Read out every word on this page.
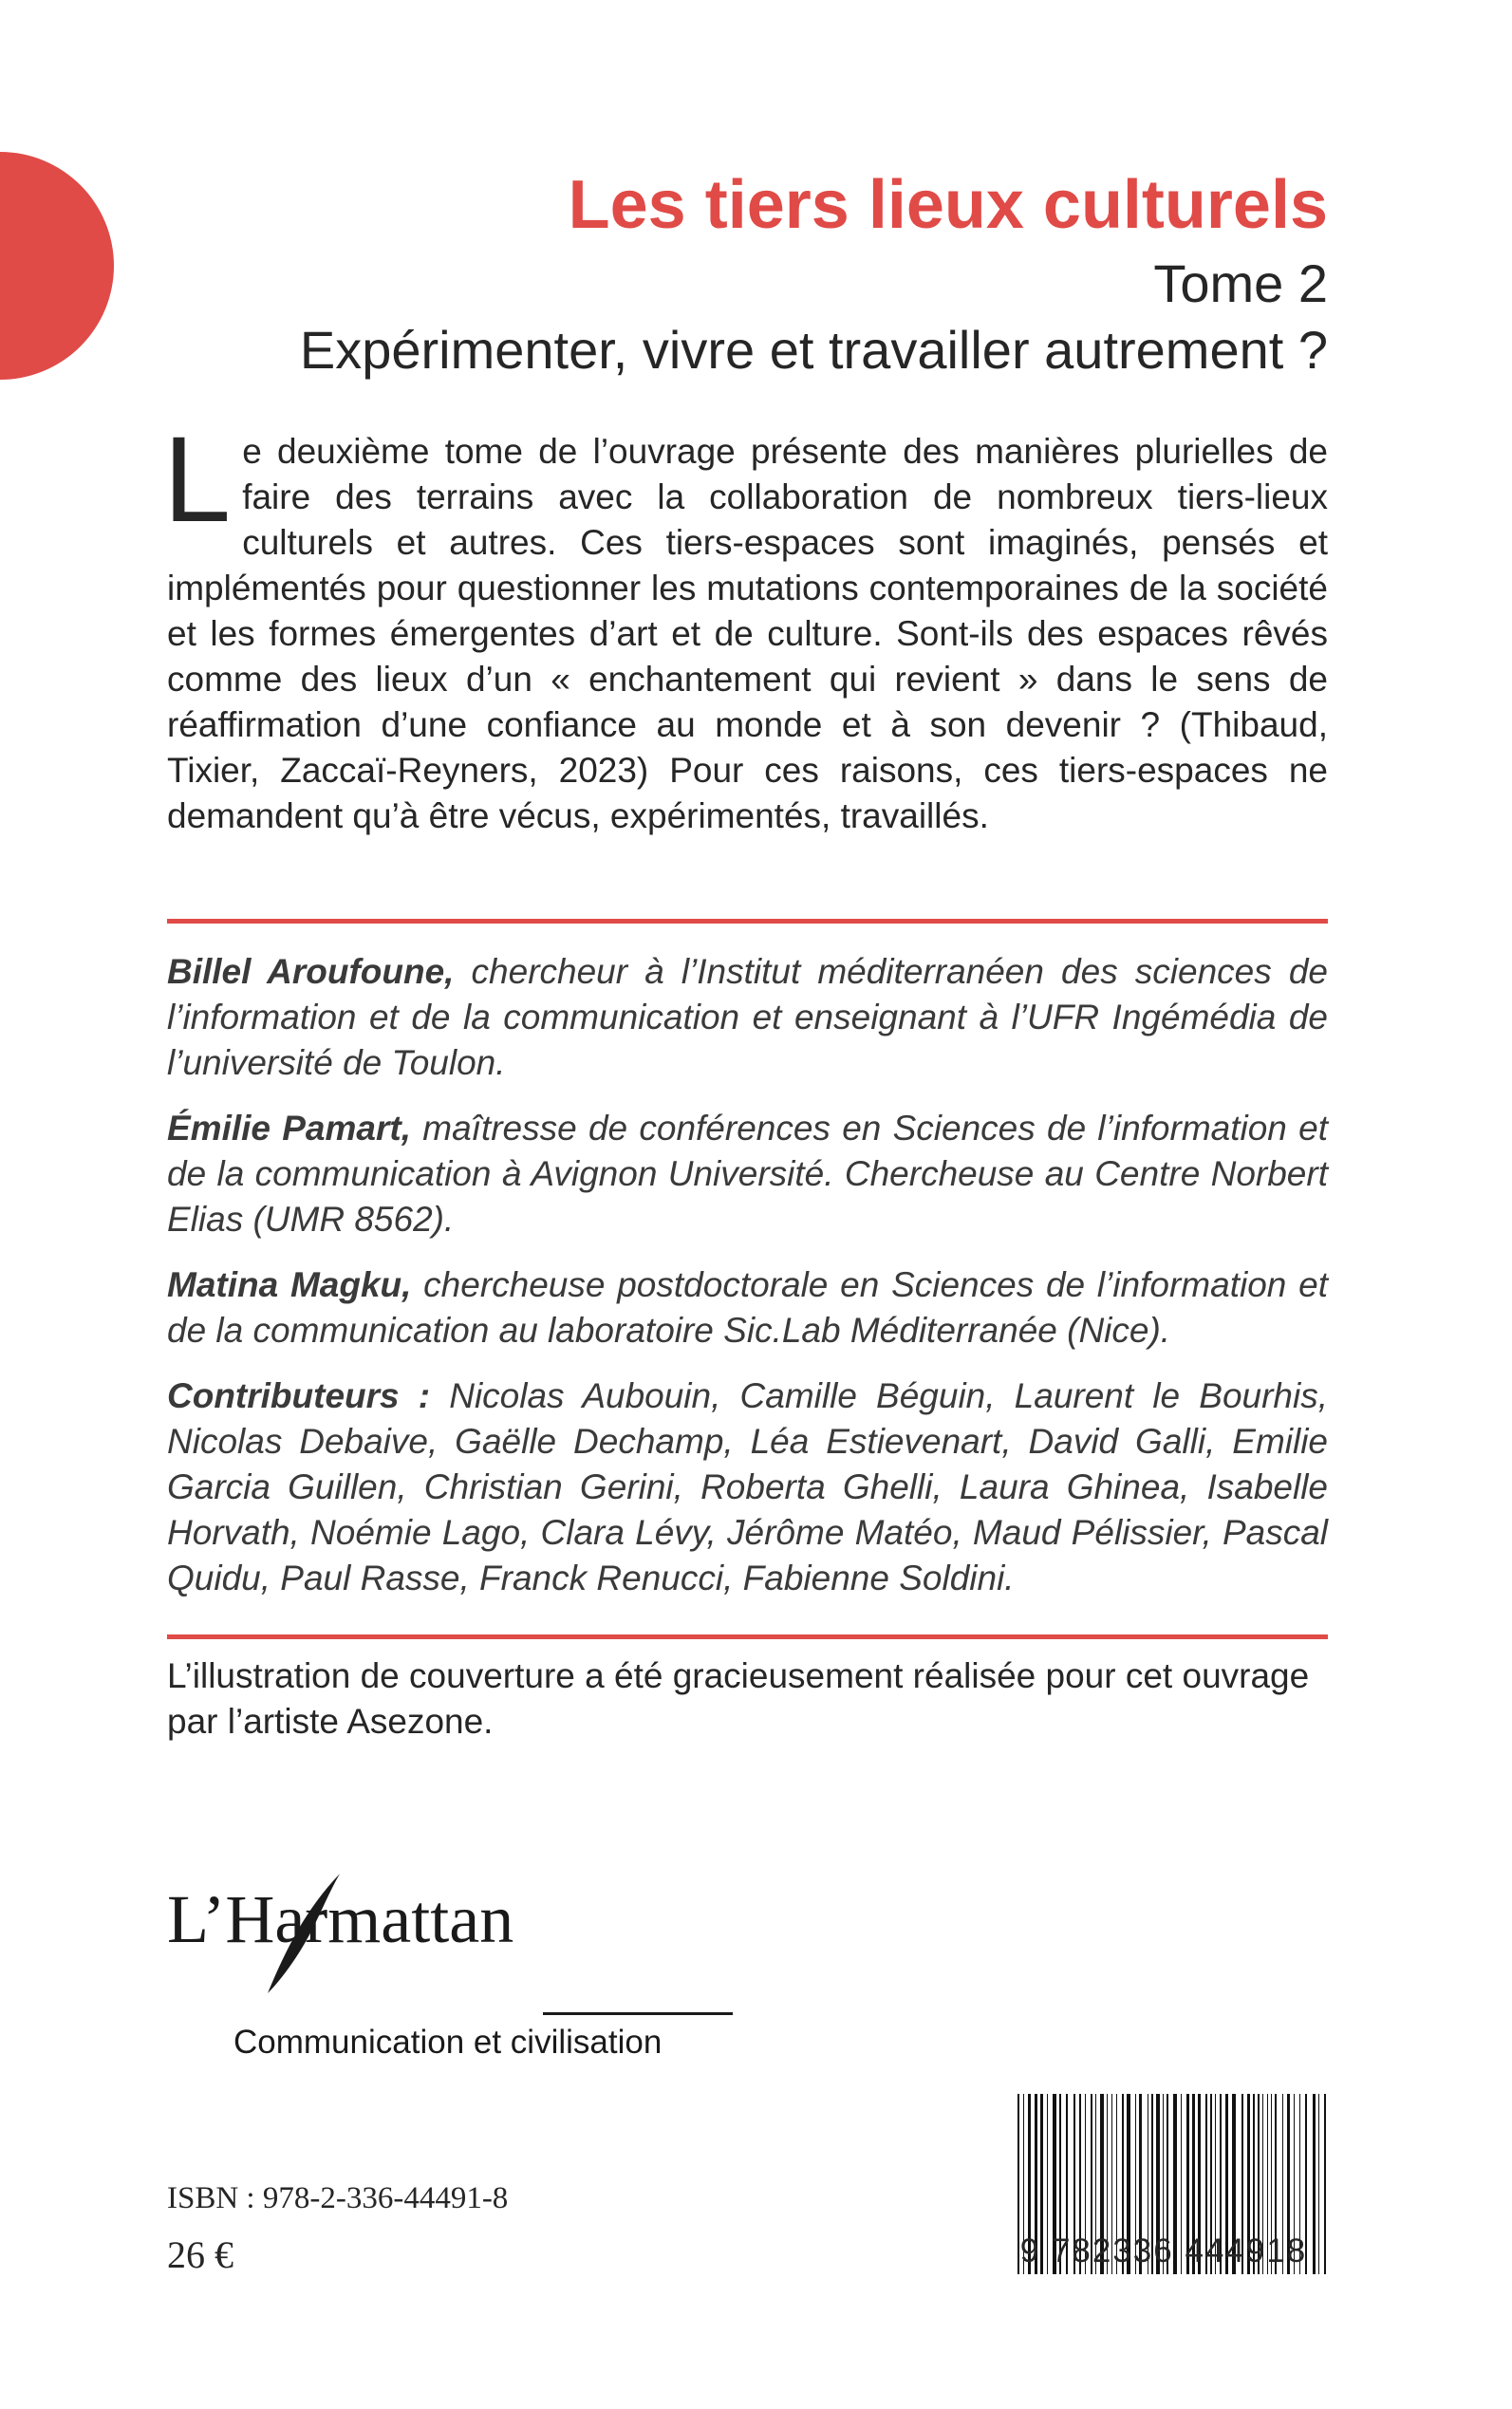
Les tiers lieux culturels
Tome 2
Expérimenter, vivre et travailler autrement ?

Le deuxième tome de l’ouvrage présente des manières plurielles de faire des terrains avec la collaboration de nombreux tiers-lieux culturels et autres. Ces tiers-espaces sont imaginés, pensés et implémentés pour questionner les mutations contemporaines de la société et les formes émergentes d’art et de culture. Sont-ils des espaces rêvés comme des lieux d’un « enchantement qui revient » dans le sens de réaffirmation d’une confiance au monde et à son devenir ? (Thibaud, Tixier, Zaccaï-Reyners, 2023) Pour ces raisons, ces tiers-espaces ne demandent qu’à être vécus, expérimentés, travaillés.

Billel Aroufoune, chercheur à l’Institut méditerranéen des sciences de l’information et de la communication et enseignant à l’UFR Ingémédia de l’université de Toulon.

Émilie Pamart, maîtresse de conférences en Sciences de l’information et de la communication à Avignon Université. Chercheuse au Centre Norbert Elias (UMR 8562).

Matina Magku, chercheuse postdoctorale en Sciences de l’information et de la communication au laboratoire Sic.Lab Méditerranée (Nice).

Contributeurs : Nicolas Aubouin, Camille Béguin, Laurent le Bourhis, Nicolas Debaive, Gaëlle Dechamp, Léa Estievenart, David Galli, Emilie Garcia Guillen, Christian Gerini, Roberta Ghelli, Laura Ghinea, Isabelle Horvath, Noémie Lago, Clara Lévy, Jérôme Matéo, Maud Pélissier, Pascal Quidu, Paul Rasse, Franck Renucci, Fabienne Soldini.

L’illustration de couverture a été gracieusement réalisée pour cet ouvrage par l’artiste Asezone.

L’Harmattan
Communication et civilisation
ISBN : 978-2-336-44491-8
26 €	9 782336 444918
